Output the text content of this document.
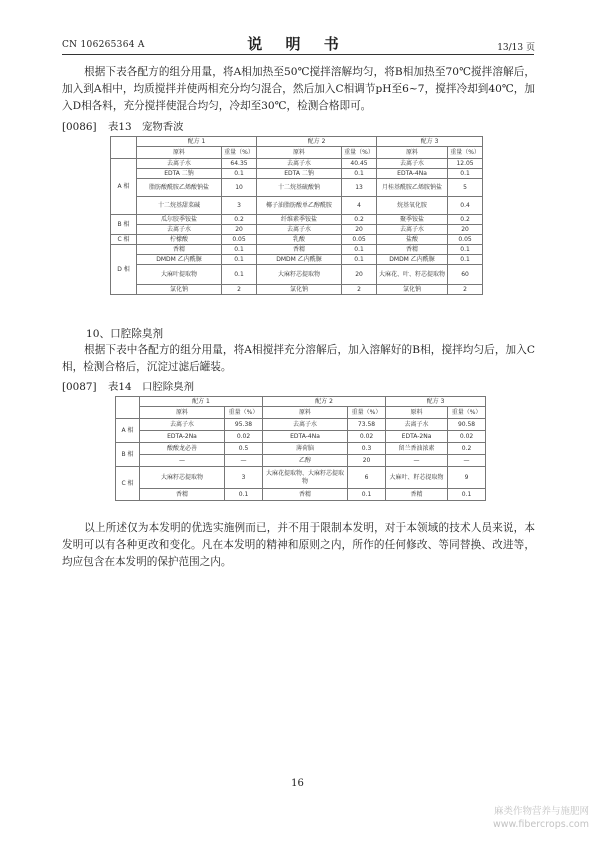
CN 106265364 A	说 明 书	13/13 页

根据下表各配方的组分用量，将A相加热至50℃搅拌溶解均匀，将B相加热至70℃搅拌溶解后，加入到A相中，均质搅拌并使两相充分均匀混合，然后加入C相调节pH至6~7，搅拌冷却到40℃，加入D相各料，充分搅拌使混合均匀，冷却至30℃，检测合格即可。

[0086] 表13　宠物香波
	配方 1		配方 2		配方 3	
	原料	重量（%）	原料	重量（%）	原料	重量（%）
A 相	去离子水	64.35	去离子水	40.45	去离子水	12.05
	EDTA 二钠	0.1	EDTA 二钠	0.1	EDTA-4Na	0.1
	脂肪酸酰胺乙烯酸钠盐	10	十二烷基硫酸钠	13	月桂基酰胺乙烯胺钠盐	5
	十二烷基甜菜碱	3	椰子油脂肪酸单乙醇酰胺	4	烷基氧化胺	0.4
B 相	瓜尔胶季铵盐	0.2	纤维素季铵盐	0.2	聚季铵盐	0.2
	去离子水	20	去离子水	20	去离子水	20
C 相	柠檬酸	0.05	乳酸	0.05	盐酸	0.05
D 相	香精	0.1	香精	0.1	香精	0.1
	DMDM 乙内酰脲	0.1	DMDM 乙内酰脲	0.1	DMDM 乙内酰脲	0.1
	大麻叶提取物	0.1	大麻籽芯提取物	20	大麻花、叶、籽芯提取物	60
	氯化钠	2	氯化钠	2	氯化钠	2
10、口腔除臭剂

根据下表中各配方的组分用量，将A相搅拌充分溶解后，加入溶解好的B相，搅拌均匀后，加入C相，检测合格后，沉淀过滤后罐装。

[0087] 表14　口腔除臭剂
	配方 1		配方 2		配方 3	
	原料	重量（%）	原料	重量（%）	原料	重量（%）
A 相	去离子水	95.38	去离子水	73.58	去离子水	90.58
	EDTA-2Na	0.02	EDTA-4Na	0.02	EDTA-2Na	0.02
B 相	酸酸龙必善	0.5	薄荷脑	0.3	留兰香油浓素	0.2
	—	—	乙醇	20	—	—
C 相	大麻籽芯提取物	3	大麻花提取物、大麻籽芯提取物	6	大麻叶、籽芯提取物	9
	香精	0.1	香精	0.1	香精	0.1

以上所述仅为本发明的优选实施例而已，并不用于限制本发明，对于本领域的技术人员来说，本发明可以有各种更改和变化。凡在本发明的精神和原则之内，所作的任何修改、等同替换、改进等，均应包含在本发明的保护范围之内。

16
麻类作物营养与施肥网
www.fibercrops.com
